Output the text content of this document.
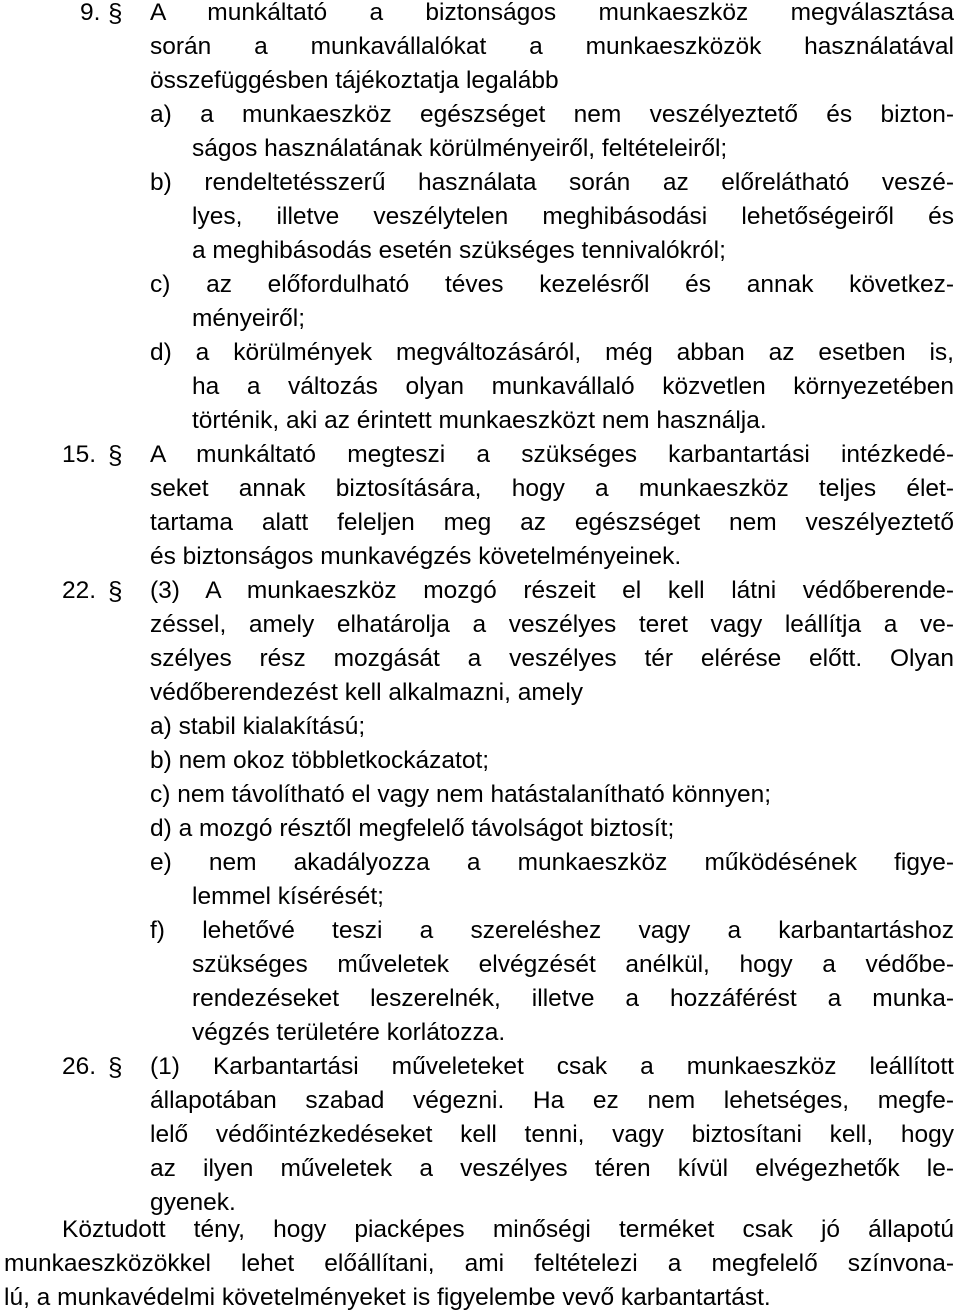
9. § A munkáltató a biztonságos munkaeszköz megválasztása
során a munkavállalókat a munkaeszközök használatával
összefüggésben tájékoztatja legalább
a) a munkaeszköz egészséget nem veszélyeztető és bizton-
ságos használatának körülményeiről, feltételeiről;
b) rendeltetésszerű használata során az előrelátható veszé-
lyes, illetve veszélytelen meghibásodási lehetőségeiről és
a meghibásodás esetén szükséges tennivalókról;
c) az előfordulható téves kezelésről és annak következ-
ményeiről;
d) a körülmények megváltozásáról, még abban az esetben is,
ha a változás olyan munkavállaló közvetlen környezetében
történik, aki az érintett munkaeszközt nem használja.
15. § A munkáltató megteszi a szükséges karbantartási intézkedé-
seket annak biztosítására, hogy a munkaeszköz teljes élet-
tartama alatt feleljen meg az egészséget nem veszélyeztető
és biztonságos munkavégzés követelményeinek.
22. § (3) A munkaeszköz mozgó részeit el kell látni védőberende-
zéssel, amely elhatárolja a veszélyes teret vagy leállítja a ve-
szélyes rész mozgását a veszélyes tér elérése előtt. Olyan
védőberendezést kell alkalmazni, amely
a) stabil kialakítású;
b) nem okoz többletkockázatot;
c) nem távolítható el vagy nem hatástalanítható könnyen;
d) a mozgó résztől megfelelő távolságot biztosít;
e) nem akadályozza a munkaeszköz működésének figye-
lemmel kísérését;
f) lehetővé teszi a szereléshez vagy a karbantartáshoz
szükséges műveletek elvégzését anélkül, hogy a védőbe-
rendezéseket leszerelnék, illetve a hozzáférést a munka-
végzés területére korlátozza.
26. § (1) Karbantartási műveleteket csak a munkaeszköz leállított
állapotában szabad végezni. Ha ez nem lehetséges, megfe-
lelő védőintézkedéseket kell tenni, vagy biztosítani kell, hogy
az ilyen műveletek a veszélyes téren kívül elvégezhetők le-
gyenek.
Köztudott tény, hogy piacképes minőségi terméket csak jó állapotú
munkaeszközökkel lehet előállítani, ami feltételezi a megfelelő színvona-
lú, a munkavédelmi követelményeket is figyelembe vevő karbantartást.
